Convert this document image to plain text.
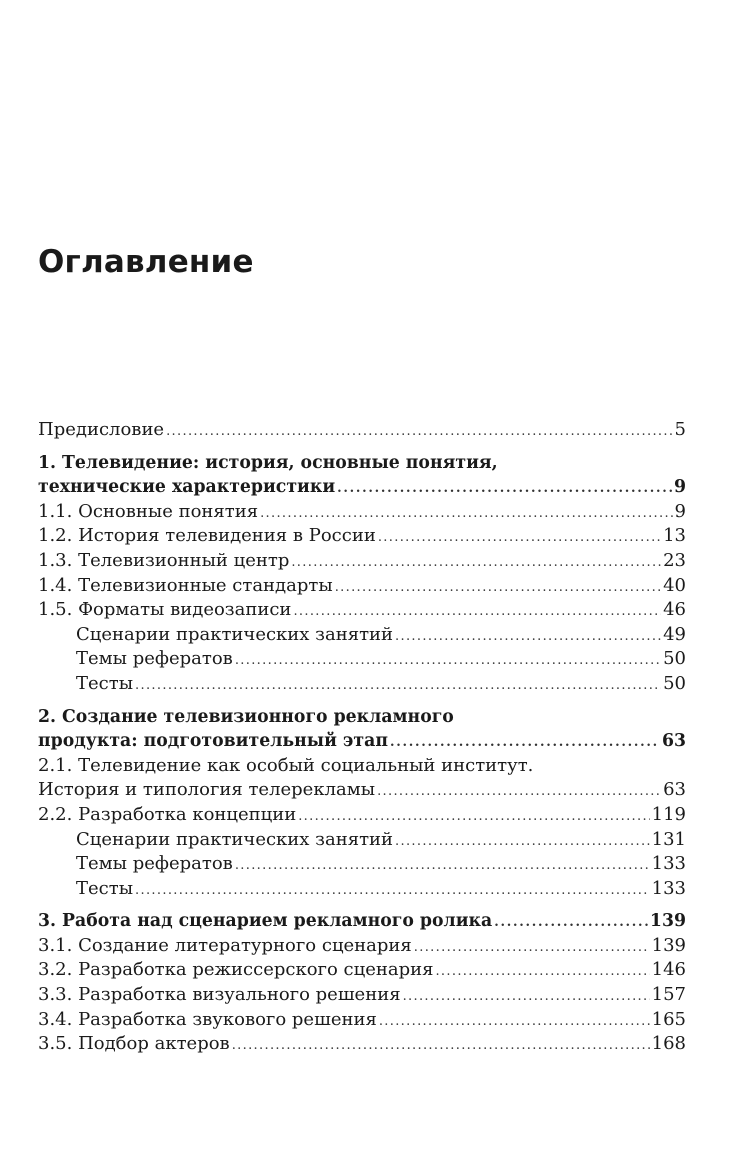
Оглавление
Предисловие . . .	5
1. Телевидение: история, основные понятия,
технические характеристики . . .	9
1.1. Основные понятия . . .	9
1.2. История телевидения в России . . .	13
1.3. Телевизионный центр . . .	23
1.4. Телевизионные стандарты . . .	40
1.5. Форматы видеозаписи . . .	46
Сценарии практических занятий . . .	49
Темы рефератов . . .	50
Тесты . . .	50
2. Создание телевизионного рекламного
продукта: подготовительный этап . . .	63
2.1. Телевидение как особый социальный институт.
История и типология телерекламы . . .	63
2.2. Разработка концепции . . .	119
Сценарии практических занятий . . .	131
Темы рефератов . . .	133
Тесты . . .	133
3. Работа над сценарием рекламного ролика . . .	139
3.1. Создание литературного сценария . . .	139
3.2. Разработка режиссерского сценария . . .	146
3.3. Разработка визуального решения . . .	157
3.4. Разработка звукового решения . . .	165
3.5. Подбор актеров . . .	168
